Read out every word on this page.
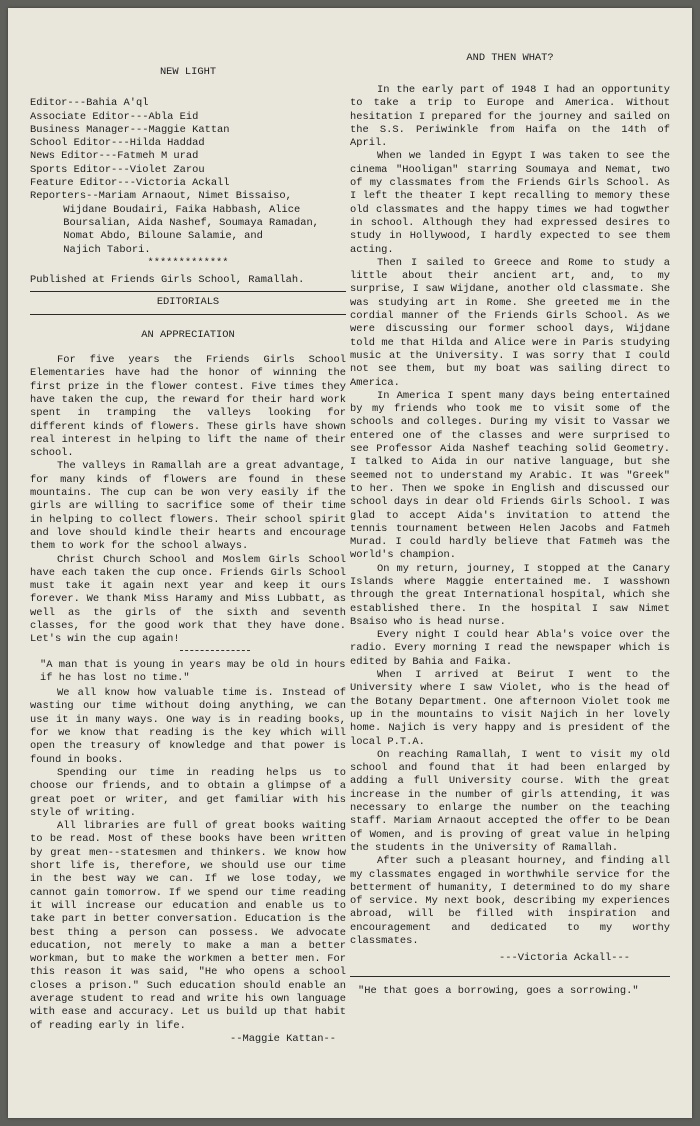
NEW LIGHT
Editor---Bahia A'ql
Associate Editor---Abla Eid
Business Manager---Maggie Kattan
School Editor---Hilda Haddad
News Editor---Fatmeh M urad
Sports Editor---Violet Zarou
Feature Editor---Victoria Ackall
Reporters--Mariam Arnaout, Nimet Bissaiso,
Wijdane Boudairi, Faika Habbash, Alice
Boursalian, Aida Nashef, Soumaya Ramadan,
Nomat Abdo, Biloune Salamie, and
Najich Tabori.
*************
Published at Friends Girls School, Ramallah.
EDITORIALS
AN APPRECIATION

For five years the Friends Girls School Elementaries have had the honor of winning the first prize in the flower contest. Five times they have taken the cup, the reward for their hard work spent in tramping the valleys looking for different kinds of flowers. These girls have shown real interest in helping to lift the name of their school.

The valleys in Ramallah are a great advantage, for many kinds of flowers are found in these mountains. The cup can be won very easily if the girls are willing to sacrifice some of their time in helping to collect flowers. Their school spirit and love should kindle their hearts and encourage them to work for the school always.

Christ Church School and Moslem Girls School have each taken the cup once. Friends Girls School must take it again next year and keep it ours forever. We thank Miss Haramy and Miss Lubbatt, as well as the girls of the sixth and seventh classes, for the good work that they have done. Let's win the cup again!

"A man that is young in years may be old in hours if he has lost no time."

We all know how valuable time is. Instead of wasting our time without doing anything, we can use it in many ways. One way is in reading books, for we know that reading is the key which will open the treasury of knowledge and that power is found in books.

Spending our time in reading helps us to choose our friends, and to obtain a glimpse of a great poet or writer, and get familiar with his style of writing.

All libraries are full of great books waiting to be read. Most of these books have been written by great men--statesmen and thinkers. We know how short life is, therefore, we should use our time in the best way we can. If we lose today, we cannot gain tomorrow. If we spend our time reading it will increase our education and enable us to take part in better conversation. Education is the best thing a person can possess. We advocate education, not merely to make a man a better workman, but to make the workmen a better men. For this reason it was said, "He who opens a school closes a prison." Such education should enable an average student to read and write his own language with ease and accuracy. Let us build up that habit of reading early in life.

--Maggie Kattan--
AND THEN WHAT?

In the early part of 1948 I had an opportunity to take a trip to Europe and America. Without hesitation I prepared for the journey and sailed on the S.S. Periwinkle from Haifa on the 14th of April.

When we landed in Egypt I was taken to see the cinema "Hooligan" starring Soumaya and Nemat, two of my classmates from the Friends Girls School. As I left the theater I kept recalling to memory these old classmates and the happy times we had togwther in school. Although they had expressed desires to study in Hollywood, I hardly expected to see them acting.

Then I sailed to Greece and Rome to study a little about their ancient art, and, to my surprise, I saw Wijdane, another old classmate. She was studying art in Rome. She greeted me in the cordial manner of the Friends Girls School. As we were discussing our former school days, Wijdane told me that Hilda and Alice were in Paris studying music at the University. I was sorry that I could not see them, but my boat was sailing direct to America.

In America I spent many days being entertained by my friends who took me to visit some of the schools and colleges. During my visit to Vassar we entered one of the classes and were surprised to see Professor Aida Nashef teaching solid Geometry. I talked to Aida in our native language, but she seemed not to understand my Arabic. It was "Greek" to her. Then we spoke in English and discussed our school days in dear old Friends Girls School. I was glad to accept Aida's invitation to attend the tennis tournament between Helen Jacobs and Fatmeh Murad. I could hardly believe that Fatmeh was the world's champion.

On my return, journey, I stopped at the Canary Islands where Maggie entertained me. I wasshown through the great International hospital, which she established there. In the hospital I saw Nimet Bsaiso who is head nurse.

Every night I could hear Abla's voice over the radio. Every morning I read the newspaper which is edited by Bahia and Faika.

When I arrived at Beirut I went to the University where I saw Violet, who is the head of the Botany Department. One afternoon Violet took me up in the mountains to visit Najich in her lovely home. Najich is very happy and is president of the local P.T.A.

On reaching Ramallah, I went to visit my old school and found that it had been enlarged by adding a full University course. With the great increase in the number of girls attending, it was necessary to enlarge the number on the teaching staff. Mariam Arnaout accepted the offer to be Dean of Women, and is proving of great value in helping the students in the University of Ramallah.

After such a pleasant hourney, and finding all my classmates engaged in worthwhile service for the betterment of humanity, I determined to do my share of service. My next book, describing my experiences abroad, will be filled with inspiration and encouragement and dedicated to my worthy classmates.

---Victoria Ackall---
"He that goes a borrowing, goes a sorrowing."
